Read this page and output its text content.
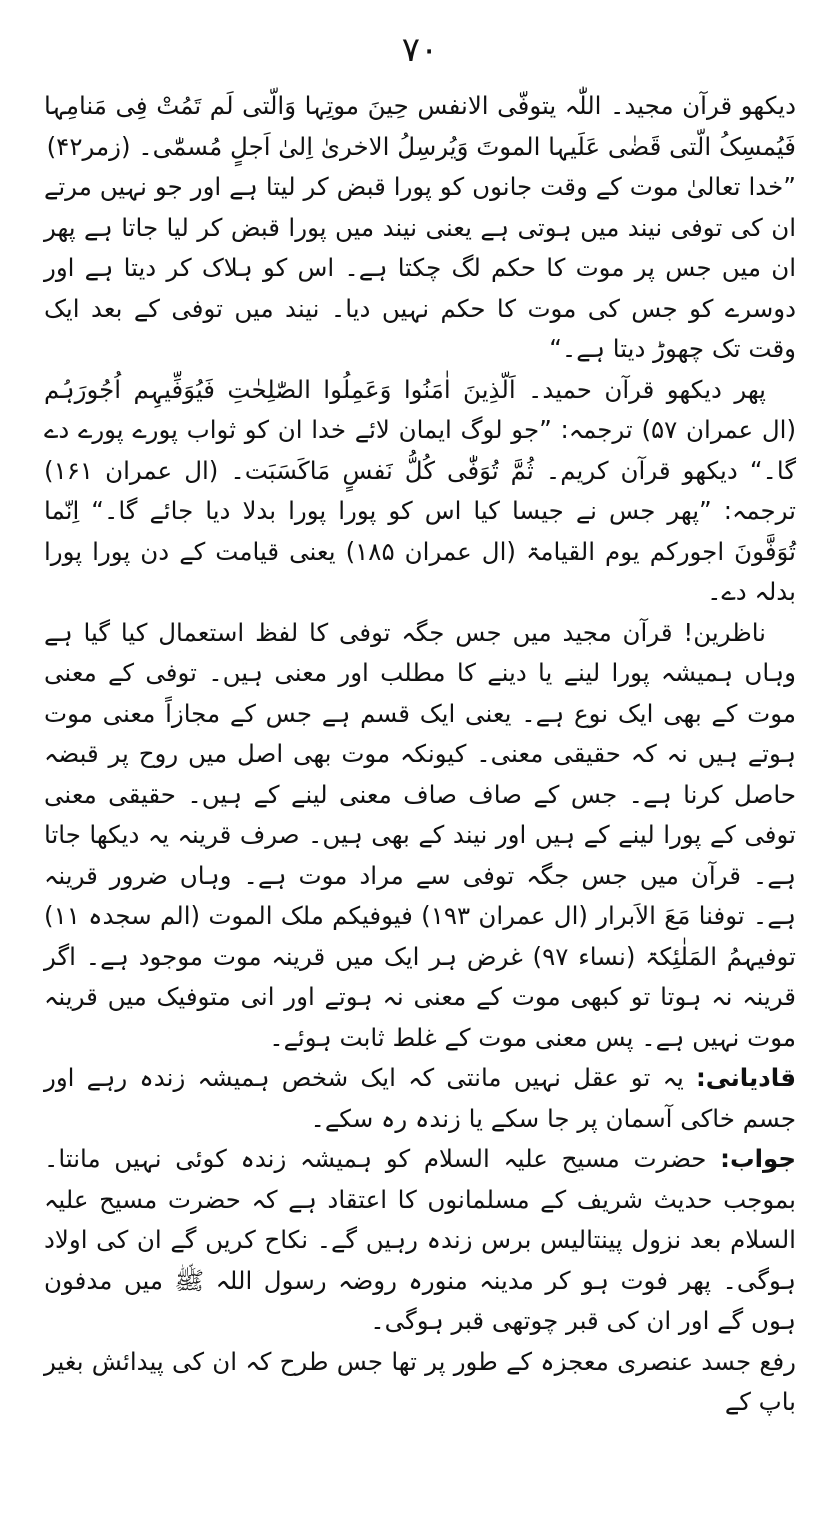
۷۰

دیکھو قرآن مجید۔ اللّٰہ یتوفّی الانفس حِینَ موتِہا وَالّتی لَم تَمُتْ فِی مَنامِہا فَیُمسِکُ الّتی قَضٰی عَلَیہا الموتَ وَیُرسِلُ الاخریٰ اِلیٰ اَجلٍ مُسمّٰی۔ (زمر۴۲)

”خدا تعالیٰ موت کے وقت جانوں کو پورا قبض کر لیتا ہے اور جو نہیں مرتے ان کی توفی نیند میں ہوتی ہے یعنی نیند میں پورا قبض کر لیا جاتا ہے پھر ان میں جس پر موت کا حکم لگ چکتا ہے۔ اس کو ہلاک کر دیتا ہے اور دوسرے کو جس کی موت کا حکم نہیں دیا۔ نیند میں توفی کے بعد ایک وقت تک چھوڑ دیتا ہے۔“

پھر دیکھو قرآن حمید۔ اَلّذِینَ اٰمَنُوا وَعَمِلُوا الصّٰلِحٰتِ فَیُوَفِّیہِم اُجُورَہُم (ال عمران ۵۷) ترجمہ: ”جو لوگ ایمان لائے خدا ان کو ثواب پورے پورے دے گا۔“ دیکھو قرآن کریم۔ ثُمَّ تُوَفّٰی کُلُّ نَفسٍ مَاکَسَبَت۔ (ال عمران ۱۶۱) ترجمہ: ”پھر جس نے جیسا کیا اس کو پورا پورا بدلا دیا جائے گا۔“ اِنّما تُوَفَّونَ اجورکم یوم القیامۃ (ال عمران ۱۸۵) یعنی قیامت کے دن پورا پورا بدلہ دے۔

ناظرین! قرآن مجید میں جس جگہ توفی کا لفظ استعمال کیا گیا ہے وہاں ہمیشہ پورا لینے یا دینے کا مطلب اور معنی ہیں۔ توفی کے معنی موت کے بھی ایک نوع ہے۔ یعنی ایک قسم ہے جس کے مجازاً معنی موت ہوتے ہیں نہ کہ حقیقی معنی۔ کیونکہ موت بھی اصل میں روح پر قبضہ حاصل کرنا ہے۔ جس کے صاف صاف معنی لینے کے ہیں۔ حقیقی معنی توفی کے پورا لینے کے ہیں اور نیند کے بھی ہیں۔ صرف قرینہ یہ دیکھا جاتا ہے۔ قرآن میں جس جگہ توفی سے مراد موت ہے۔ وہاں ضرور قرینہ ہے۔ توفنا مَعَ الاَبرار (ال عمران ۱۹۳) فیوفیکم ملک الموت (الم سجدہ ۱۱) توفیہمُ المَلٰئِکۃ (نساء ۹۷) غرض ہر ایک میں قرینہ موت موجود ہے۔ اگر قرینہ نہ ہوتا تو کبھی موت کے معنی نہ ہوتے اور انی متوفیک میں قرینہ موت نہیں ہے۔ پس معنی موت کے غلط ثابت ہوئے۔

قادیانی: یہ تو عقل نہیں مانتی کہ ایک شخص ہمیشہ زندہ رہے اور جسم خاکی آسمان پر جا سکے یا زندہ رہ سکے۔

جواب: حضرت مسیح علیہ السلام کو ہمیشہ زندہ کوئی نہیں مانتا۔ بموجب حدیث شریف کے مسلمانوں کا اعتقاد ہے کہ حضرت مسیح علیہ السلام بعد نزول پینتالیس برس زندہ رہیں گے۔ نکاح کریں گے ان کی اولاد ہوگی۔ پھر فوت ہو کر مدینہ منورہ روضہ رسول اللہ ﷺ میں مدفون ہوں گے اور ان کی قبر چوتھی قبر ہوگی۔

رفع جسد عنصری معجزہ کے طور پر تھا جس طرح کہ ان کی پیدائش بغیر باپ کے
